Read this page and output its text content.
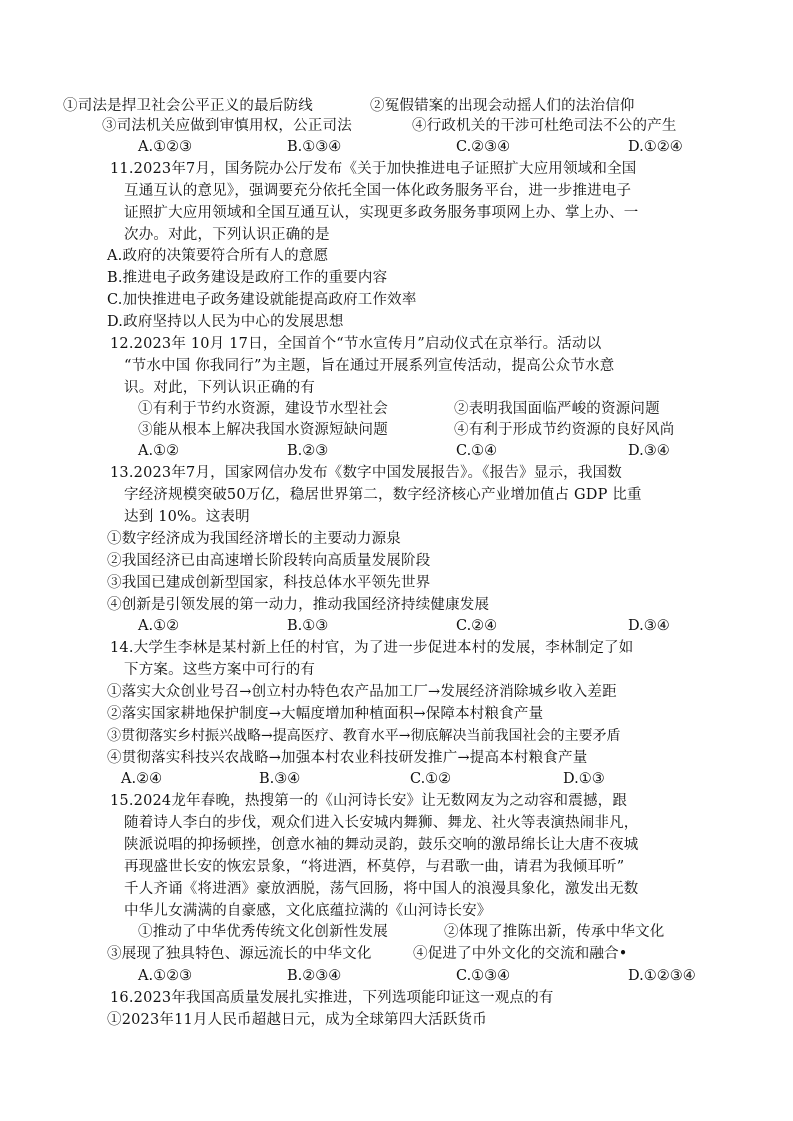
①司法是捍卫社会公平正义的最后防线	②冤假错案的出现会动摇人们的法治信仰
③司法机关应做到审慎用权，公正司法	④行政机关的干涉可杜绝司法不公的产生
A.①②③	B.①③④	C.②③④	D.①②④
11.2023年7月，国务院办公厅发布《关于加快推进电子证照扩大应用领域和全国
互通互认的意见》，强调要充分依托全国一体化政务服务平台，进一步推进电子
证照扩大应用领域和全国互通互认，实现更多政务服务事项网上办、掌上办、一
次办。对此，下列认识正确的是
A.政府的决策要符合所有人的意愿
B.推进电子政务建设是政府工作的重要内容
C.加快推进电子政务建设就能提高政府工作效率
D.政府坚持以人民为中心的发展思想
12.2023年 10月 17日，全国首个“节水宣传月”启动仪式在京举行。活动以
“节水中国 你我同行”为主题，旨在通过开展系列宣传活动，提高公众节水意
识。对此，下列认识正确的有
①有利于节约水资源，建设节水型社会	②表明我国面临严峻的资源问题
③能从根本上解决我国水资源短缺问题	④有利于形成节约资源的良好风尚
A.①②	B.②③	C.①④	D.③④
13.2023年7月，国家网信办发布《数字中国发展报告》。《报告》显示，我国数
字经济规模突破50万亿，稳居世界第二，数字经济核心产业增加值占 GDP 比重
达到 10%。这表明
①数字经济成为我国经济增长的主要动力源泉
②我国经济已由高速增长阶段转向高质量发展阶段
③我国已建成创新型国家，科技总体水平领先世界
④创新是引领发展的第一动力，推动我国经济持续健康发展
A.①②	B.①③	C.②④	D.③④
14.大学生李林是某村新上任的村官，为了进一步促进本村的发展，李林制定了如
下方案。这些方案中可行的有
①落实大众创业号召→创立村办特色农产品加工厂→发展经济消除城乡收入差距
②落实国家耕地保护制度→大幅度增加种植面积→保障本村粮食产量
③贯彻落实乡村振兴战略→提高医疗、教育水平→彻底解决当前我国社会的主要矛盾
④贯彻落实科技兴农战略→加强本村农业科技研发推广→提高本村粮食产量
A.②④	B.③④	C.①②	D.①③
15.2024龙年春晚，热搜第一的《山河诗长安》让无数网友为之动容和震撼，跟
随着诗人李白的步伐，观众们进入长安城内舞狮、舞龙、社火等表演热闹非凡，
陕派说唱的抑扬顿挫，创意水袖的舞动灵韵，鼓乐交响的激昂绵长让大唐不夜城
再现盛世长安的恢宏景象，“将进酒，杯莫停，与君歌一曲，请君为我倾耳听”
千人齐诵《将进酒》豪放洒脱，荡气回肠，将中国人的浪漫具象化，激发出无数
中华儿女满满的自豪感，文化底蕴拉满的《山河诗长安》
①推动了中华优秀传统文化创新性发展	②体现了推陈出新，传承中华文化
③展现了独具特色、源远流长的中华文化	④促进了中外文化的交流和融合•
A.①②③	B.②③④	C.①③④	D.①②③④
16.2023年我国高质量发展扎实推进，下列选项能印证这一观点的有
①2023年11月人民币超越日元，成为全球第四大活跃货币
